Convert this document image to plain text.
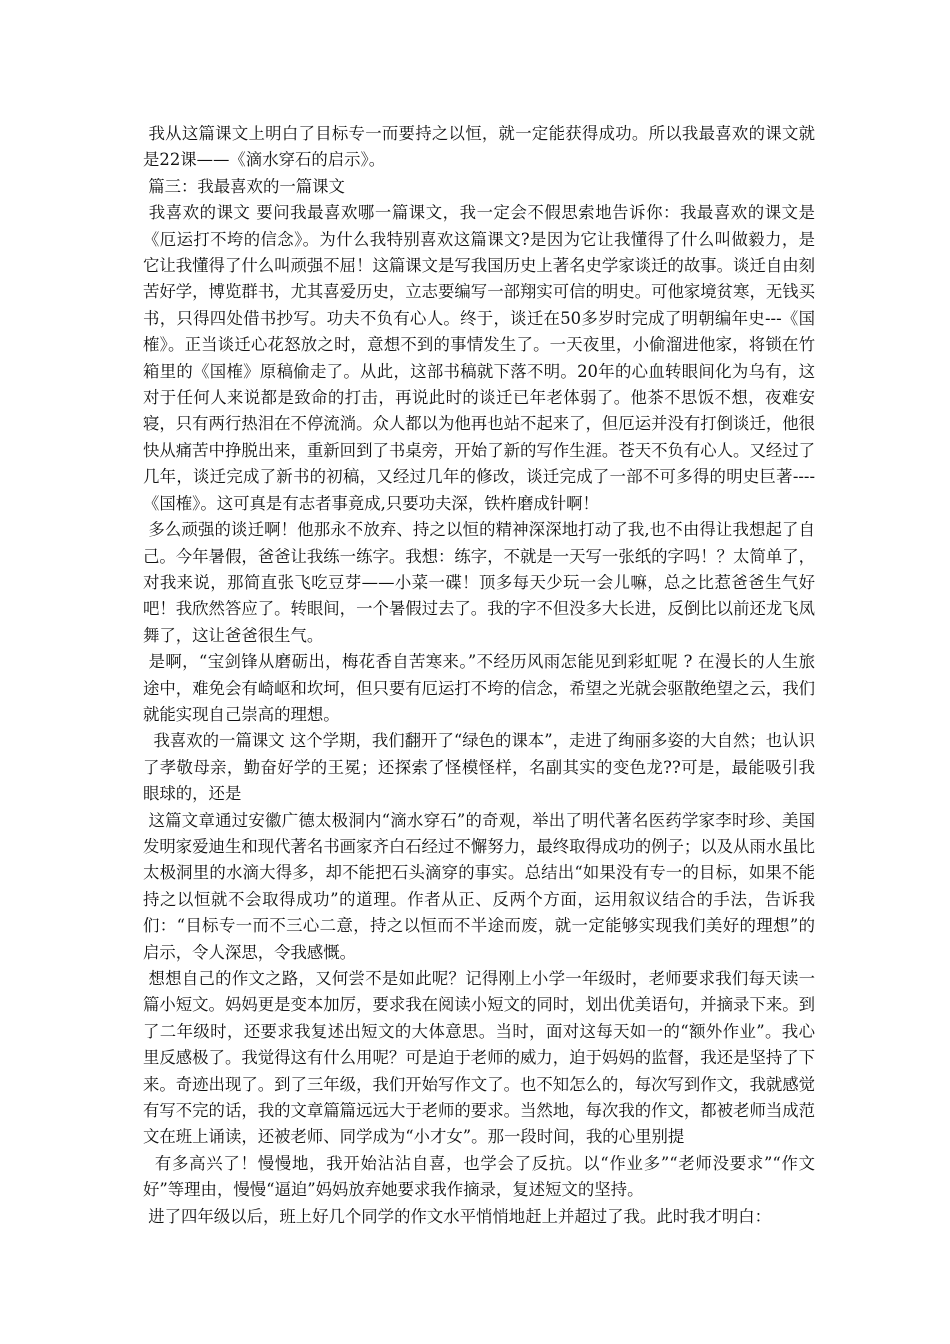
我从这篇课文上明白了目标专一而要持之以恒，就一定能获得成功。所以我最喜欢的课文就是22课——《滴水穿石的启示》。

篇三：我最喜欢的一篇课文

我喜欢的课文 要问我最喜欢哪一篇课文，我一定会不假思索地告诉你：我最喜欢的课文是《厄运打不垮的信念》。为什么我特别喜欢这篇课文?是因为它让我懂得了什么叫做毅力，是它让我懂得了什么叫顽强不屈！这篇课文是写我国历史上著名史学家谈迁的故事。谈迁自由刻苦好学，博览群书，尤其喜爱历史，立志要编写一部翔实可信的明史。可他家境贫寒，无钱买书，只得四处借书抄写。功夫不负有心人。终于，谈迁在50多岁时完成了明朝编年史---《国榷》。正当谈迁心花怒放之时，意想不到的事情发生了。一天夜里，小偷溜进他家，将锁在竹箱里的《国榷》原稿偷走了。从此，这部书稿就下落不明。20年的心血转眼间化为乌有，这对于任何人来说都是致命的打击，再说此时的谈迁已年老体弱了。他茶不思饭不想，夜难安寝，只有两行热泪在不停流淌。众人都以为他再也站不起来了，但厄运并没有打倒谈迁，他很快从痛苦中挣脱出来，重新回到了书桌旁，开始了新的写作生涯。苍天不负有心人。又经过了几年，谈迁完成了新书的初稿，又经过几年的修改，谈迁完成了一部不可多得的明史巨著----《国榷》。这可真是有志者事竟成,只要功夫深，铁杵磨成针啊！

多么顽强的谈迁啊！他那永不放弃、持之以恒的精神深深地打动了我,也不由得让我想起了自己。今年暑假，爸爸让我练一练字。我想：练字，不就是一天写一张纸的字吗！？太简单了，对我来说，那简直张飞吃豆芽——小菜一碟！顶多每天少玩一会儿嘛，总之比惹爸爸生气好吧！我欣然答应了。转眼间，一个暑假过去了。我的字不但没多大长进，反倒比以前还龙飞凤舞了，这让爸爸很生气。

是啊，“宝剑锋从磨砺出，梅花香自苦寒来。”不经历风雨怎能见到彩虹呢 ? 在漫长的人生旅途中，难免会有崎岖和坎坷，但只要有厄运打不垮的信念，希望之光就会驱散绝望之云，我们就能实现自己崇高的理想。

我喜欢的一篇课文 这个学期，我们翻开了“绿色的课本”，走进了绚丽多姿的大自然；也认识了孝敬母亲，勤奋好学的王冕；还探索了怪模怪样，名副其实的变色龙??可是，最能吸引我眼球的，还是

这篇文章通过安徽广德太极洞内“滴水穿石”的奇观，举出了明代著名医药学家李时珍、美国发明家爱迪生和现代著名书画家齐白石经过不懈努力，最终取得成功的例子；以及从雨水虽比太极洞里的水滴大得多，却不能把石头滴穿的事实。总结出“如果没有专一的目标，如果不能持之以恒就不会取得成功”的道理。作者从正、反两个方面，运用叙议结合的手法，告诉我们：“目标专一而不三心二意，持之以恒而不半途而废，就一定能够实现我们美好的理想”的启示，令人深思，令我感慨。

想想自己的作文之路，又何尝不是如此呢？记得刚上小学一年级时，老师要求我们每天读一篇小短文。妈妈更是变本加厉，要求我在阅读小短文的同时，划出优美语句，并摘录下来。到了二年级时，还要求我复述出短文的大体意思。当时，面对这每天如一的“额外作业”。我心里反感极了。我觉得这有什么用呢？可是迫于老师的威力，迫于妈妈的监督，我还是坚持了下来。奇迹出现了。到了三年级，我们开始写作文了。也不知怎么的，每次写到作文，我就感觉有写不完的话，我的文章篇篇远远大于老师的要求。当然地，每次我的作文，都被老师当成范文在班上诵读，还被老师、同学成为“小才女”。那一段时间，我的心里别提

有多高兴了！慢慢地，我开始沾沾自喜，也学会了反抗。以“作业多”“老师没要求”“作文好”等理由，慢慢“逼迫”妈妈放弃她要求我作摘录，复述短文的坚持。

进了四年级以后，班上好几个同学的作文水平悄悄地赶上并超过了我。此时我才明白：
